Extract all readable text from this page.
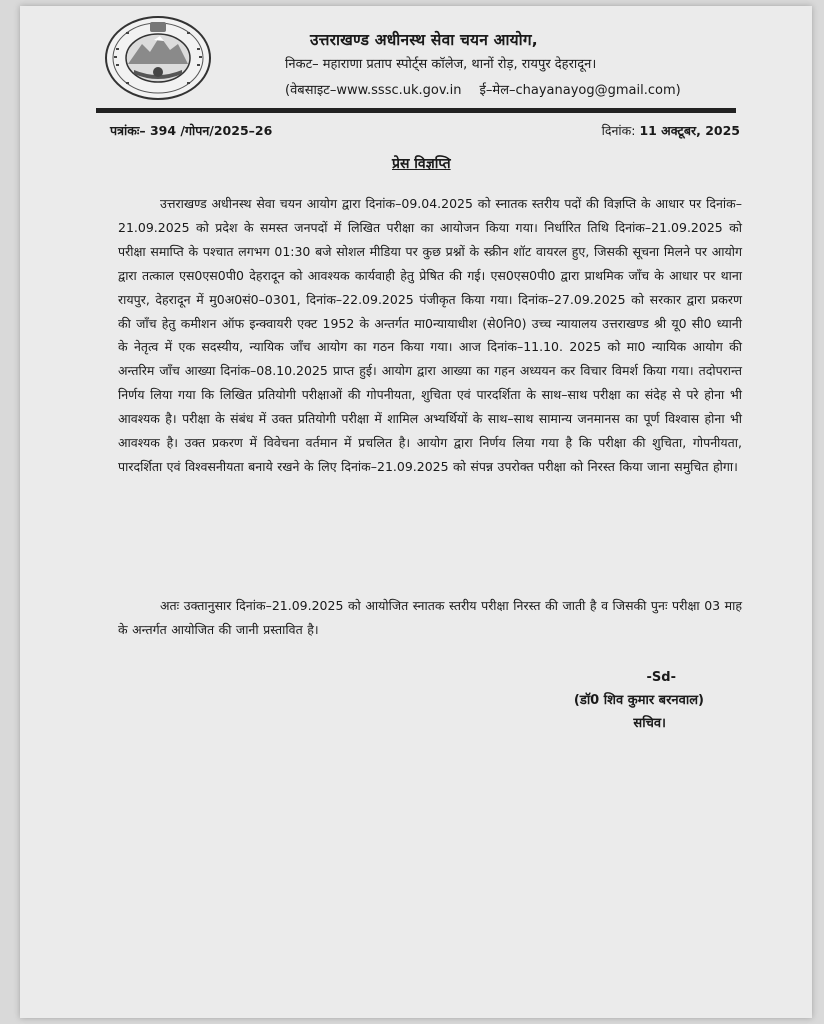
उत्तराखण्ड अधीनस्थ सेवा चयन आयोग,
निकट– महाराणा प्रताप स्पोर्ट्स कॉलेज, थानों रोड़, रायपुर देहरादून।
(वेबसाइट–www.sssc.uk.gov.in ई–मेल–chayanayog@gmail.com)
पत्रांकः– 394 /गोपन/2025–26	दिनांक: 11 अक्टूबर, 2025
प्रेस विज्ञप्ति

उत्तराखण्ड अधीनस्थ सेवा चयन आयोग द्वारा दिनांक–09.04.2025 को स्नातक स्तरीय पदों की विज्ञप्ति के आधार पर दिनांक–21.09.2025 को प्रदेश के समस्त जनपदों में लिखित परीक्षा का आयोजन किया गया। निर्धारित तिथि दिनांक–21.09.2025 को परीक्षा समाप्ति के पश्चात लगभग 01:30 बजे सोशल मीडिया पर कुछ प्रश्नों के स्क्रीन शॉट वायरल हुए, जिसकी सूचना मिलने पर आयोग द्वारा तत्काल एस0एस0पी0 देहरादून को आवश्यक कार्यवाही हेतु प्रेषित की गई। एस0एस0पी0 द्वारा प्राथमिक जाँच के आधार पर थाना रायपुर, देहरादून में मु0अ0सं0–0301, दिनांक–22.09.2025 पंजीकृत किया गया। दिनांक–27.09.2025 को सरकार द्वारा प्रकरण की जाँच हेतु कमीशन ऑफ इन्क्वायरी एक्ट 1952 के अन्तर्गत मा0न्यायाधीश (से0नि0) उच्च न्यायालय उत्तराखण्ड श्री यू0 सी0 ध्यानी के नेतृत्व में एक सदस्यीय, न्यायिक जाँच आयोग का गठन किया गया। आज दिनांक–11.10. 2025 को मा0 न्यायिक आयोग की अन्तरिम जाँच आख्या दिनांक–08.10.2025 प्राप्त हुई। आयोग द्वारा आख्या का गहन अध्ययन कर विचार विमर्श किया गया। तदोपरान्त निर्णय लिया गया कि लिखित प्रतियोगी परीक्षाओं की गोपनीयता, शुचिता एवं पारदर्शिता के साथ–साथ परीक्षा का संदेह से परे होना भी आवश्यक है। परीक्षा के संबंध में उक्त प्रतियोगी परीक्षा में शामिल अभ्यर्थियों के साथ–साथ सामान्य जनमानस का पूर्ण विश्वास होना भी आवश्यक है। उक्त प्रकरण में विवेचना वर्तमान में प्रचलित है। आयोग द्वारा निर्णय लिया गया है कि परीक्षा की शुचिता, गोपनीयता, पारदर्शिता एवं विश्वसनीयता बनाये रखने के लिए दिनांक–21.09.2025 को संपन्न उपरोक्त परीक्षा को निरस्त किया जाना समुचित होगा।

अतः उक्तानुसार दिनांक–21.09.2025 को आयोजित स्नातक स्तरीय परीक्षा निरस्त की जाती है व जिसकी पुनः परीक्षा 03 माह के अन्तर्गत आयोजित की जानी प्रस्तावित है।

-Sd-
(डॉ0 शिव कुमार बरनवाल)
सचिव।
